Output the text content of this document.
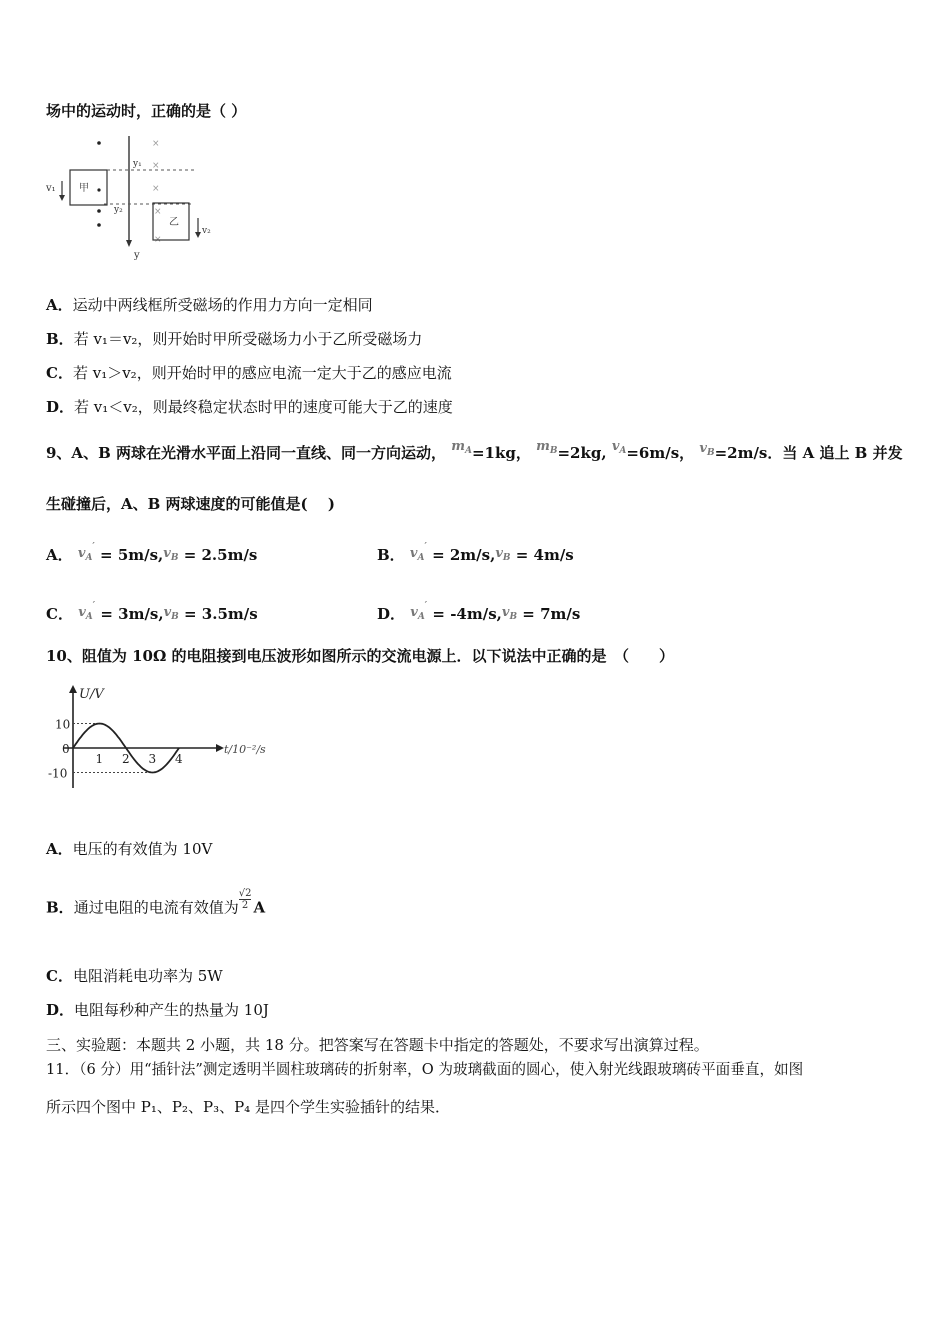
场中的运动时，正确的是（ ）
甲
v₁
y
y₁
y₂
×
×
×
×
×
乙
v₂
A．运动中两线框所受磁场的作用力方向一定相同
B．若 v₁＝v₂，则开始时甲所受磁场力小于乙所受磁场力
C．若 v₁＞v₂，则开始时甲的感应电流一定大于乙的感应电流
D．若 v₁＜v₂，则最终稳定状态时甲的速度可能大于乙的速度
9、A、B 两球在光滑水平面上沿同一直线、同一方向运动， $m_A=1kg$， $m_B=2kg$, $v_A=6m/s$， $v_B=2m/s$．当 A 追上 B 并发
生碰撞后，A、B 两球速度的可能值是(　 )
A． $v_A' = 5m/s,v_B = 2.5m/s$	B． $v_A' = 2m/s,v_B = 4m/s$
C． $v_A' = 3m/s,v_B = 3.5m/s$	D． $v_A' = -4m/s,v_B = 7m/s$
10、阻值为 10Ω 的电阻接到电压波形如图所示的交流电源上．以下说法中正确的是　（　　）
U/V
t/10⁻²/s
1 2 3 4
10
0
-10
A．电压的有效值为 10V
B．通过电阻的电流有效值为 $\frac{√2}{2}$ A
C．电阻消耗电功率为 5W
D．电阻每秒种产生的热量为 10J
三、实验题：本题共 2 小题，共 18 分。把答案写在答题卡中指定的答题处，不要求写出演算过程。
11．（6 分）用“插针法”测定透明半圆柱玻璃砖的折射率，O 为玻璃截面的圆心，使入射光线跟玻璃砖平面垂直，如图
所示四个图中 P₁、P₂、P₃、P₄ 是四个学生实验插针的结果．
